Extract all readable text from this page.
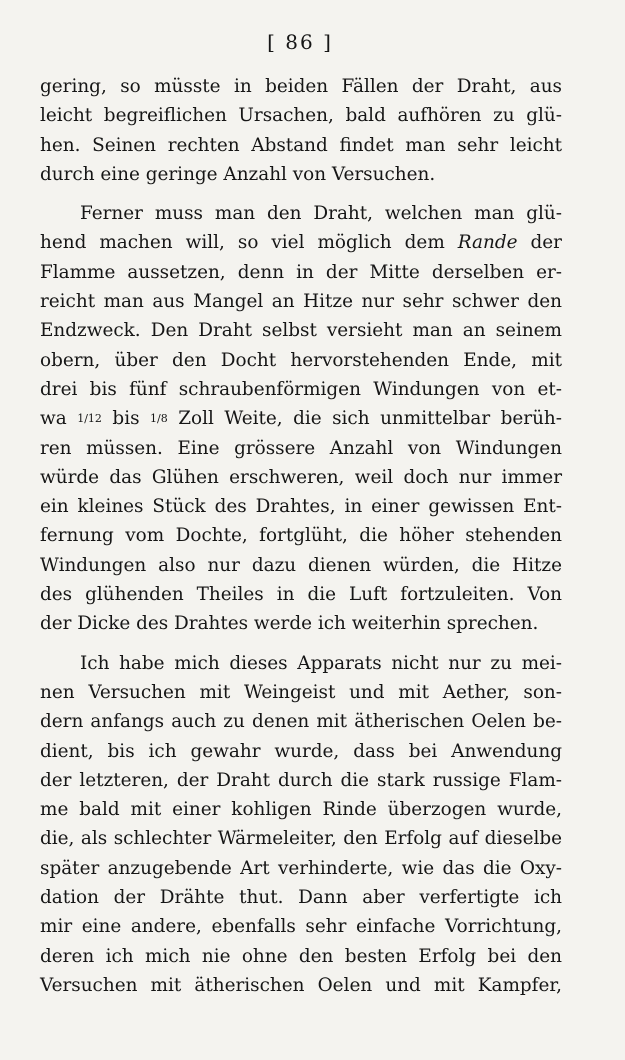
[ 86 ]
gering, so müsste in beiden Fällen der Draht, aus
leicht begreiflichen Ursachen, bald aufhören zu glü-
hen. Seinen rechten Abstand findet man sehr leicht
durch eine geringe Anzahl von Versuchen.
Ferner muss man den Draht, welchen man glü-
hend machen will, so viel möglich dem Rande der
Flamme aussetzen, denn in der Mitte derselben er-
reicht man aus Mangel an Hitze nur sehr schwer den
Endzweck. Den Draht selbst versieht man an seinem
obern, über den Docht hervorstehenden Ende, mit
drei bis fünf schraubenförmigen Windungen von et-
wa 1/12 bis 1/8 Zoll Weite, die sich unmittelbar berüh-
ren müssen. Eine grössere Anzahl von Windungen
würde das Glühen erschweren, weil doch nur immer
ein kleines Stück des Drahtes, in einer gewissen Ent-
fernung vom Dochte, fortglüht, die höher stehenden
Windungen also nur dazu dienen würden, die Hitze
des glühenden Theiles in die Luft fortzuleiten. Von
der Dicke des Drahtes werde ich weiterhin sprechen.
Ich habe mich dieses Apparats nicht nur zu mei-
nen Versuchen mit Weingeist und mit Aether, son-
dern anfangs auch zu denen mit ätherischen Oelen be-
dient, bis ich gewahr wurde, dass bei Anwendung
der letzteren, der Draht durch die stark russige Flam-
me bald mit einer kohligen Rinde überzogen wurde,
die, als schlechter Wärmeleiter, den Erfolg auf dieselbe
später anzugebende Art verhinderte, wie das die Oxy-
dation der Drähte thut. Dann aber verfertigte ich
mir eine andere, ebenfalls sehr einfache Vorrichtung,
deren ich mich nie ohne den besten Erfolg bei den
Versuchen mit ätherischen Oelen und mit Kampfer,
